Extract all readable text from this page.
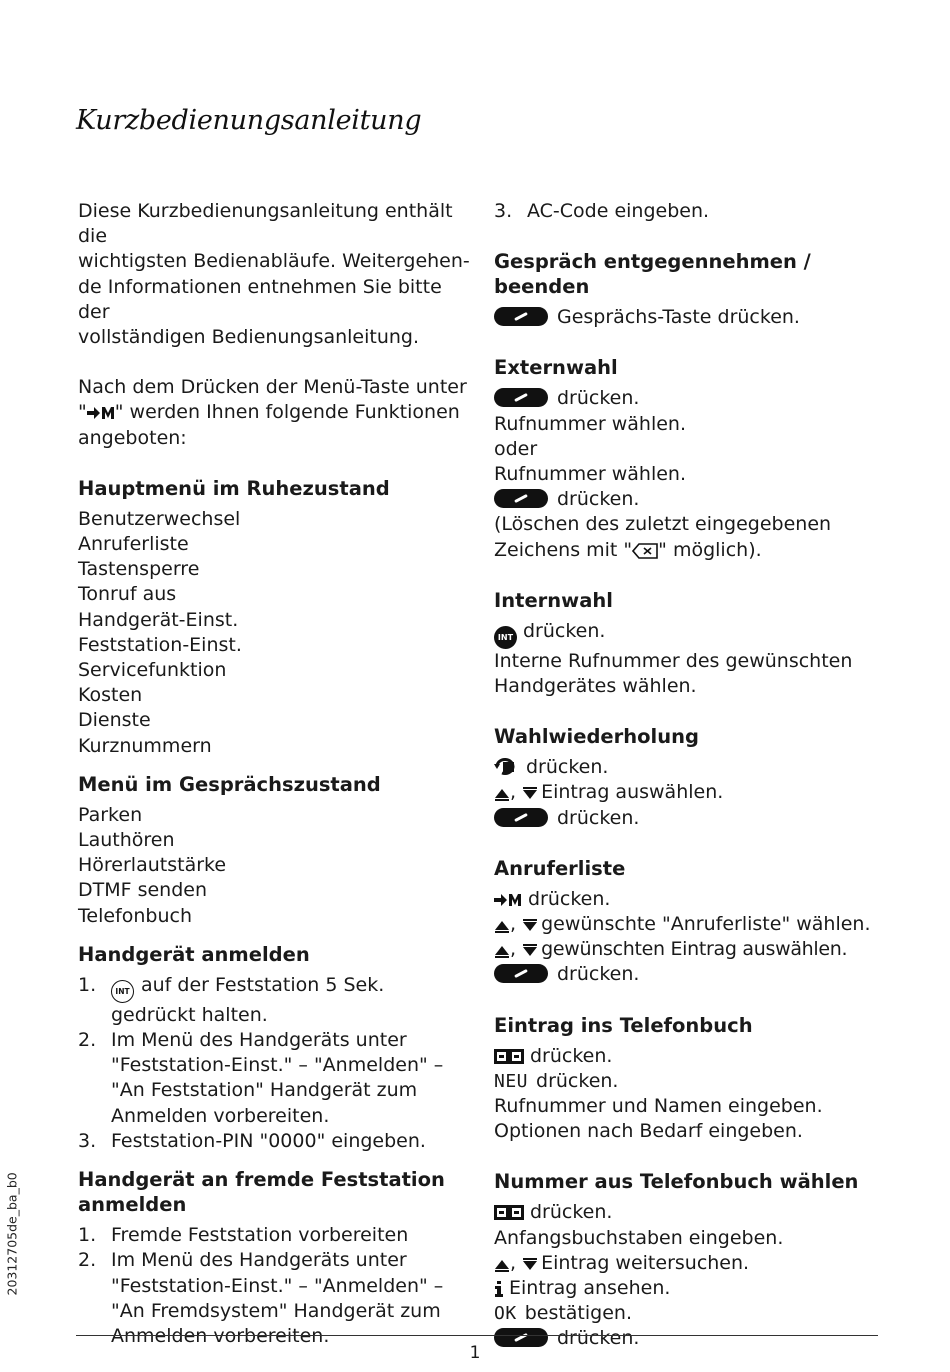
Kurzbedienungsanleitung

Diese Kurzbedienungsanleitung enthält die

wichtigsten Bedienabläufe. Weitergehen-

de Informationen entnehmen Sie bitte der

vollständigen Bedienungsanleitung.

Nach dem Drücken der Menü-Taste unter

" " werden Ihnen folgende Funktionen

angeboten:

Hauptmenü im Ruhezustand

Benutzerwechsel

Anruferliste

Tastensperre

Tonruf aus

Handgerät-Einst.

Feststation-Einst.

Servicefunktion

Kosten

Dienste

Kurznummern

Menü im Gesprächszustand

Parken

Lauthören

Hörerlautstärke

DTMF senden

Telefonbuch

Handgerät anmelden
1.	INT auf der Feststation 5 Sek.
gedrückt halten.
2. Im Menü des Handgeräts unter
"Feststation-Einst." – "Anmelden" –
"An Feststation" Handgerät zum
Anmelden vorbereiten.
3. Feststation-PIN "0000" eingeben.
Handgerät an fremde Feststation
anmelden
1. Fremde Feststation vorbereiten
2. Im Menü des Handgeräts unter
"Feststation-Einst." – "Anmelden" –
"An Fremdsystem" Handgerät zum
Anmelden vorbereiten.
3. AC-Code eingeben.
Gespräch entgegennehmen / beenden

Gesprächs-Taste drücken.

Externwahl

drücken.

Rufnummer wählen.

oder

Rufnummer wählen.

drücken.

(Löschen des zuletzt eingegebenen

Zeichens mit " " möglich).

Internwahl

INT drücken.

Interne Rufnummer des gewünschten

Handgerätes wählen.

Wahlwiederholung

drücken.

, Eintrag auswählen.

drücken.

Anruferliste

drücken.

, gewünschte "Anruferliste" wählen.

, gewünschten Eintrag auswählen.

drücken.

Eintrag ins Telefonbuch

drücken.

NEU drücken.

Rufnummer und Namen eingeben.

Optionen nach Bedarf eingeben.

Nummer aus Telefonbuch wählen

drücken.

Anfangsbuchstaben eingeben.

, Eintrag weitersuchen.

Eintrag ansehen.

OK bestätigen.

drücken.

20312705de_ba_b0
1
